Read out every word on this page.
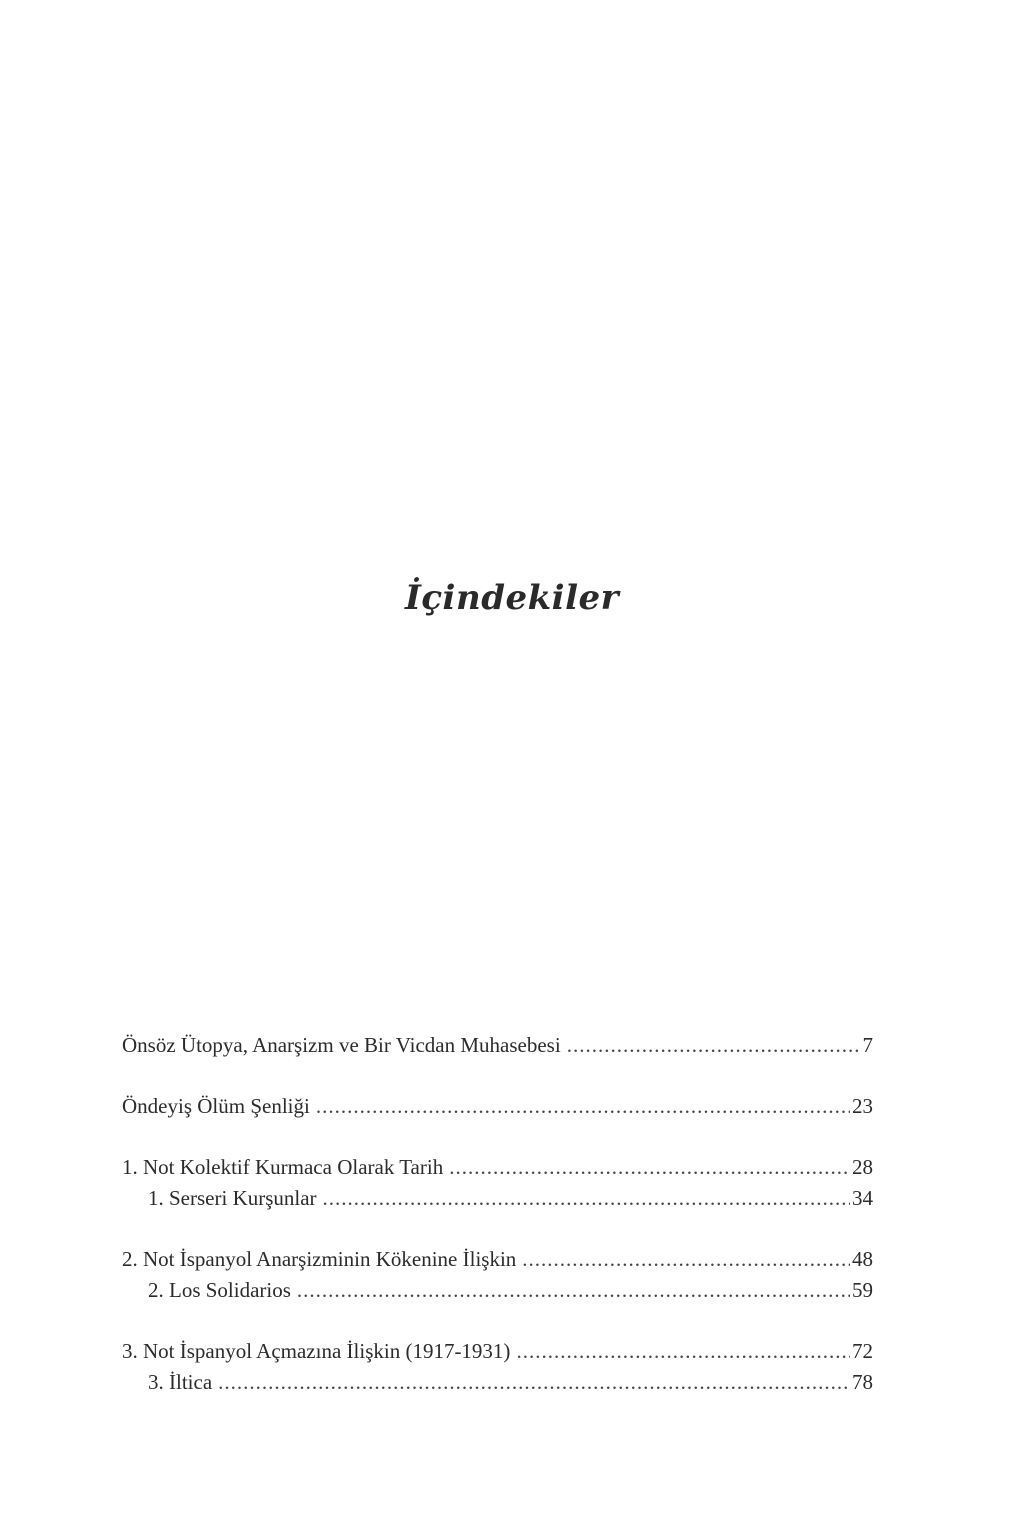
İçindekiler
Önsöz Ütopya, Anarşizm ve Bir Vicdan Muhasebesi .....	7
Öndeyiş Ölüm Şenliği .....	23
1. Not Kolektif Kurmaca Olarak Tarih .....	28
1. Serseri Kurşunlar .....	34
2. Not İspanyol Anarşizminin Kökenine İlişkin .....	48
2. Los Solidarios .....	59
3. Not İspanyol Açmazına İlişkin (1917-1931) .....	72
3. İltica .....	78
